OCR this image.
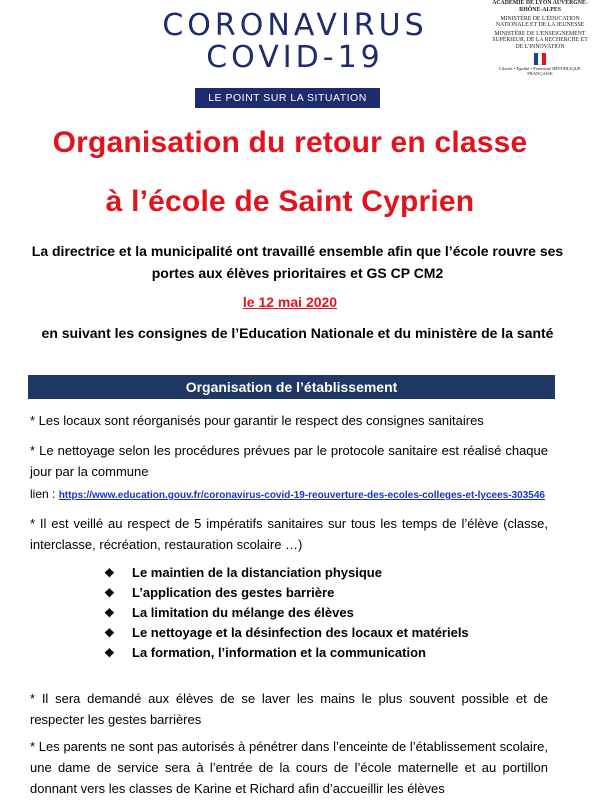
CORONAVIRUS
COVID-19
LE POINT SUR LA SITUATION
ACADÉMIE DE LYON AUVERGNE-RHÔNE-ALPES
MINISTÈRE DE L'ÉDUCATION NATIONALE ET DE LA JEUNESSE
MINISTÈRE DE L'ENSEIGNEMENT SUPÉRIEUR, DE LA RECHERCHE ET DE L'INNOVATION
Liberté • Égalité • Fraternité RÉPUBLIQUE FRANÇAISE
Organisation du retour en classe
à l’école de Saint Cyprien
La directrice et la municipalité ont travaillé ensemble afin que l’école rouvre ses portes aux élèves prioritaires et GS CP CM2
le 12 mai 2020
en suivant les consignes de l’Education Nationale et du ministère de la santé
Organisation de l’établissement
* Les locaux sont réorganisés pour garantir le respect des consignes sanitaires
* Le nettoyage selon les procédures prévues par le protocole sanitaire est réalisé chaque jour par la commune
lien : https://www.education.gouv.fr/coronavirus-covid-19-reouverture-des-ecoles-colleges-et-lycees-303546
* Il est veillé au respect de 5 impératifs sanitaires sur tous les temps de l’élève (classe, interclasse, récréation, restauration scolaire …)
❖	Le maintien de la distanciation physique
❖	L’application des gestes barrière
❖	La limitation du mélange des élèves
❖	Le nettoyage et la désinfection des locaux et matériels
❖	La formation, l’information et la communication
* Il sera demandé aux élèves de se laver les mains le plus souvent possible et de respecter les gestes barrières
* Les parents ne sont pas autorisés à pénétrer dans l’enceinte de l’établissement scolaire, une dame de service sera à l’entrée de la cours de l’école maternelle et au portillon donnant vers les classes de Karine et Richard afin d’accueillir les élèves
